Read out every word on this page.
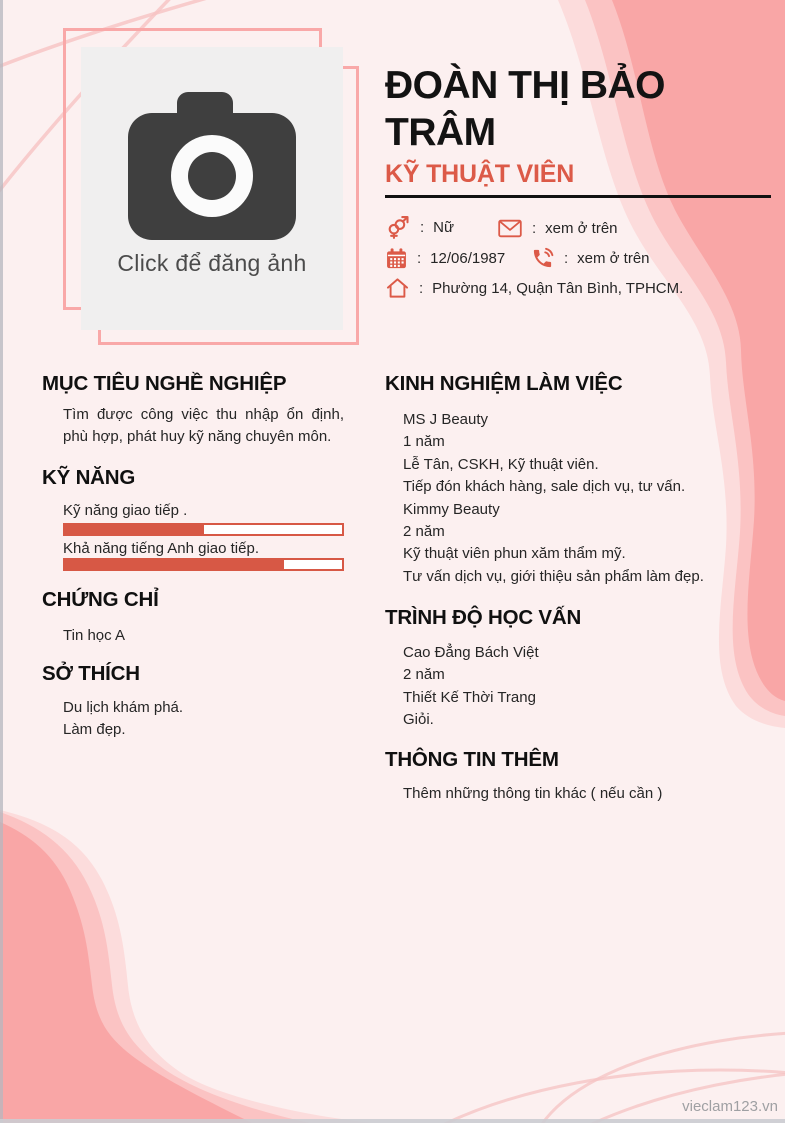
Click để đăng ảnh
ĐOÀN THỊ BẢO TRÂM
KỸ THUẬT VIÊN
: Nữ	: xem ở trên
: 12/06/1987	: xem ở trên
: Phường 14, Quận Tân Bình, TPHCM.
MỤC TIÊU NGHỀ NGHIỆP
Tìm được công việc thu nhập ổn định, phù hợp, phát huy kỹ năng chuyên môn.
KỸ NĂNG
Kỹ năng giao tiếp .
Khả năng tiếng Anh giao tiếp.
CHỨNG CHỈ
Tin học A
SỞ THÍCH
Du lịch khám phá.
Làm đẹp.
KINH NGHIỆM LÀM VIỆC
MS J Beauty
1 năm
Lễ Tân, CSKH, Kỹ thuật viên.
Tiếp đón khách hàng, sale dịch vụ, tư vấn.
Kimmy Beauty
2 năm
Kỹ thuật viên phun xăm thẩm mỹ.
Tư vấn dịch vụ, giới thiệu sản phẩm làm đẹp.
TRÌNH ĐỘ HỌC VẤN
Cao Đẳng Bách Việt
2 năm
Thiết Kế Thời Trang
Giỏi.
THÔNG TIN THÊM
Thêm những thông tin khác ( nếu cần )
vieclam123.vn
